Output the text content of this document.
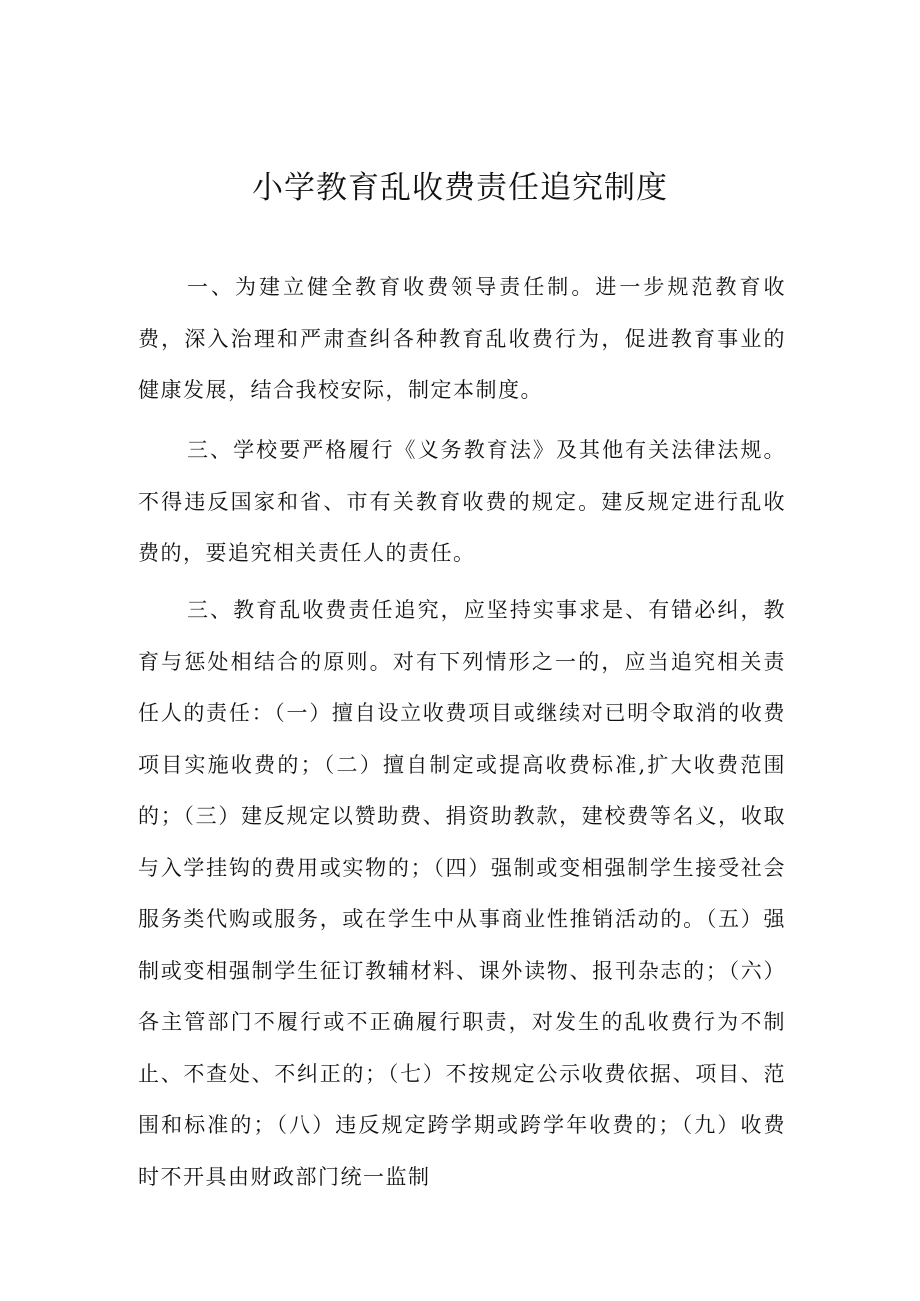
小学教育乱收费责任追究制度

一、为建立健全教育收费领导责任制。进一步规范教育收费，深入治理和严肃查纠各种教育乱收费行为，促进教育事业的健康发展，结合我校安际，制定本制度。

三、学校要严格履行《义务教育法》及其他有关法律法规。不得违反国家和省、市有关教育收费的规定。建反规定进行乱收费的，要追究相关责任人的责任。

三、教育乱收费责任追究，应坚持实事求是、有错必纠，教育与惩处相结合的原则。对有下列情形之一的，应当追究相关责任人的责任：（一）擅自设立收费项目或继续对已明令取消的收费项目实施收费的；（二）擅自制定或提高收费标准,扩大收费范围的；（三）建反规定以赞助费、捐资助教款，建校费等名义，收取与入学挂钩的费用或实物的；（四）强制或变相强制学生接受社会服务类代购或服务，或在学生中从事商业性推销活动的。（五）强制或变相强制学生征订教辅材料、课外读物、报刊杂志的；（六）各主管部门不履行或不正确履行职责，对发生的乱收费行为不制止、不查处、不纠正的；（七）不按规定公示收费依据、项目、范围和标准的；（八）违反规定跨学期或跨学年收费的；（九）收费时不开具由财政部门统一监制
